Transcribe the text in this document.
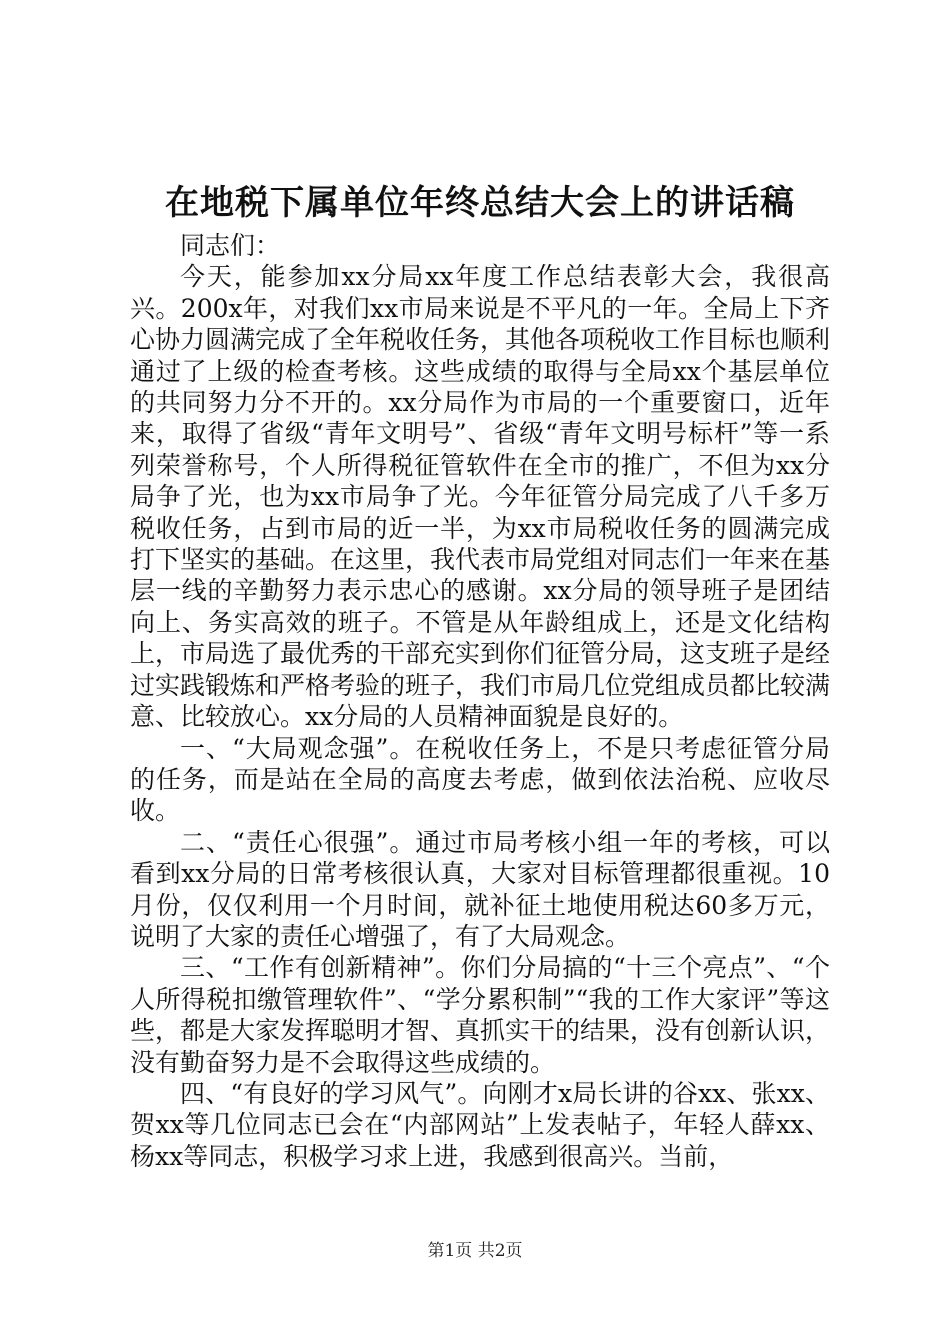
在地税下属单位年终总结大会上的讲话稿

同志们：

今天，能参加xx分局xx年度工作总结表彰大会，我很高兴。200x年，对我们xx市局来说是不平凡的一年。全局上下齐心协力圆满完成了全年税收任务，其他各项税收工作目标也顺利通过了上级的检查考核。这些成绩的取得与全局xx个基层单位的共同努力分不开的。xx分局作为市局的一个重要窗口，近年来，取得了省级“青年文明号”、省级“青年文明号标杆”等一系列荣誉称号，个人所得税征管软件在全市的推广，不但为xx分局争了光，也为xx市局争了光。今年征管分局完成了八千多万税收任务，占到市局的近一半，为xx市局税收任务的圆满完成打下坚实的基础。在这里，我代表市局党组对同志们一年来在基层一线的辛勤努力表示忠心的感谢。xx分局的领导班子是团结向上、务实高效的班子。不管是从年龄组成上，还是文化结构上，市局选了最优秀的干部充实到你们征管分局，这支班子是经过实践锻炼和严格考验的班子，我们市局几位党组成员都比较满意、比较放心。xx分局的人员精神面貌是良好的。

一、“大局观念强”。在税收任务上，不是只考虑征管分局的任务，而是站在全局的高度去考虑，做到依法治税、应收尽收。

二、“责任心很强”。通过市局考核小组一年的考核，可以看到xx分局的日常考核很认真，大家对目标管理都很重视。10月份，仅仅利用一个月时间，就补征土地使用税达60多万元，说明了大家的责任心增强了，有了大局观念。

三、“工作有创新精神”。你们分局搞的“十三个亮点”、“个人所得税扣缴管理软件”、“学分累积制”“我的工作大家评”等这些，都是大家发挥聪明才智、真抓实干的结果，没有创新认识，没有勤奋努力是不会取得这些成绩的。

四、“有良好的学习风气”。向刚才x局长讲的谷xx、张xx、贺xx等几位同志已会在“内部网站”上发表帖子，年轻人薛xx、杨xx等同志，积极学习求上进，我感到很高兴。当前，

第1页 共2页
